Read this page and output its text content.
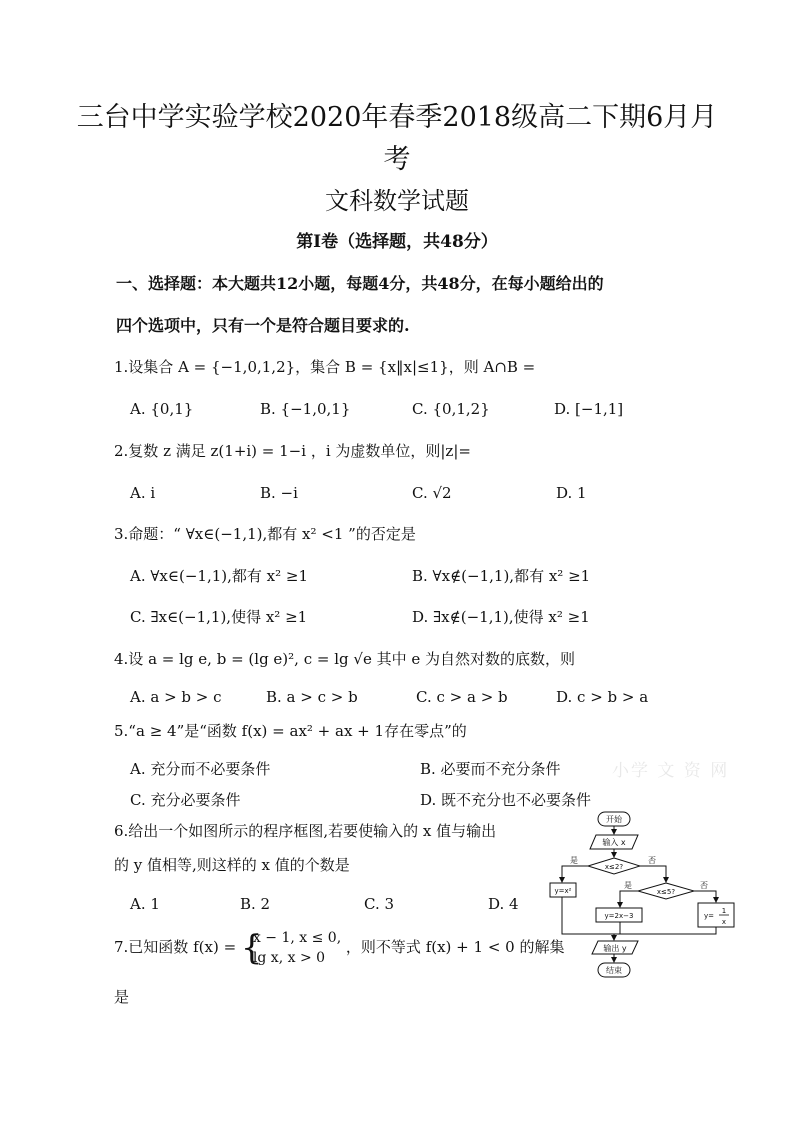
三台中学实验学校2020年春季2018级高二下期6月月
考
文科数学试题
第Ⅰ卷（选择题，共48分）
一、选择题：本大题共12小题，每题4分，共48分，在每小题给出的
四个选项中，只有一个是符合题目要求的.
1.设集合 A = {−1,0,1,2}，集合 B = {x‖x|≤1}，则 A∩B =
A. {0,1}	B. {−1,0,1}	C. {0,1,2}	D. [−1,1]
2.复数 z 满足 z(1+i) = 1−i ，i 为虚数单位，则|z|=
A. i	B. −i	C. √2	D. 1
3.命题：“ ∀x∈(−1,1),都有 x² <1 ”的否定是
A. ∀x∈(−1,1),都有 x² ≥1	B. ∀x∉(−1,1),都有 x² ≥1
C. ∃x∈(−1,1),使得 x² ≥1	D. ∃x∉(−1,1),使得 x² ≥1
4.设 a = lg e, b = (lg e)², c = lg √e 其中 e 为自然对数的底数，则
A. a > b > c	B. a > c > b	C. c > a > b	D. c > b > a
5.“a ≥ 4”是“函数 f(x) = ax² + ax + 1存在零点”的
A. 充分而不必要条件	B. 必要而不充分条件
C. 充分必要条件	D. 既不充分也不必要条件
小学 文 资 网
6.给出一个如图所示的程序框图,若要使输入的 x 值与输出
的 y 值相等,则这样的 x 值的个数是
A. 1	B. 2	C. 3	D. 4
7.已知函数 f(x) = {
x − 1, x ≤ 0,
lg x, x > 0
，则不等式 f(x) + 1 < 0 的解集
是
开始
输入 x
x≤2?
是	否
y=x²	x≤5?
是	否
y=2x−3	y=
1
x
输出 y
结束
